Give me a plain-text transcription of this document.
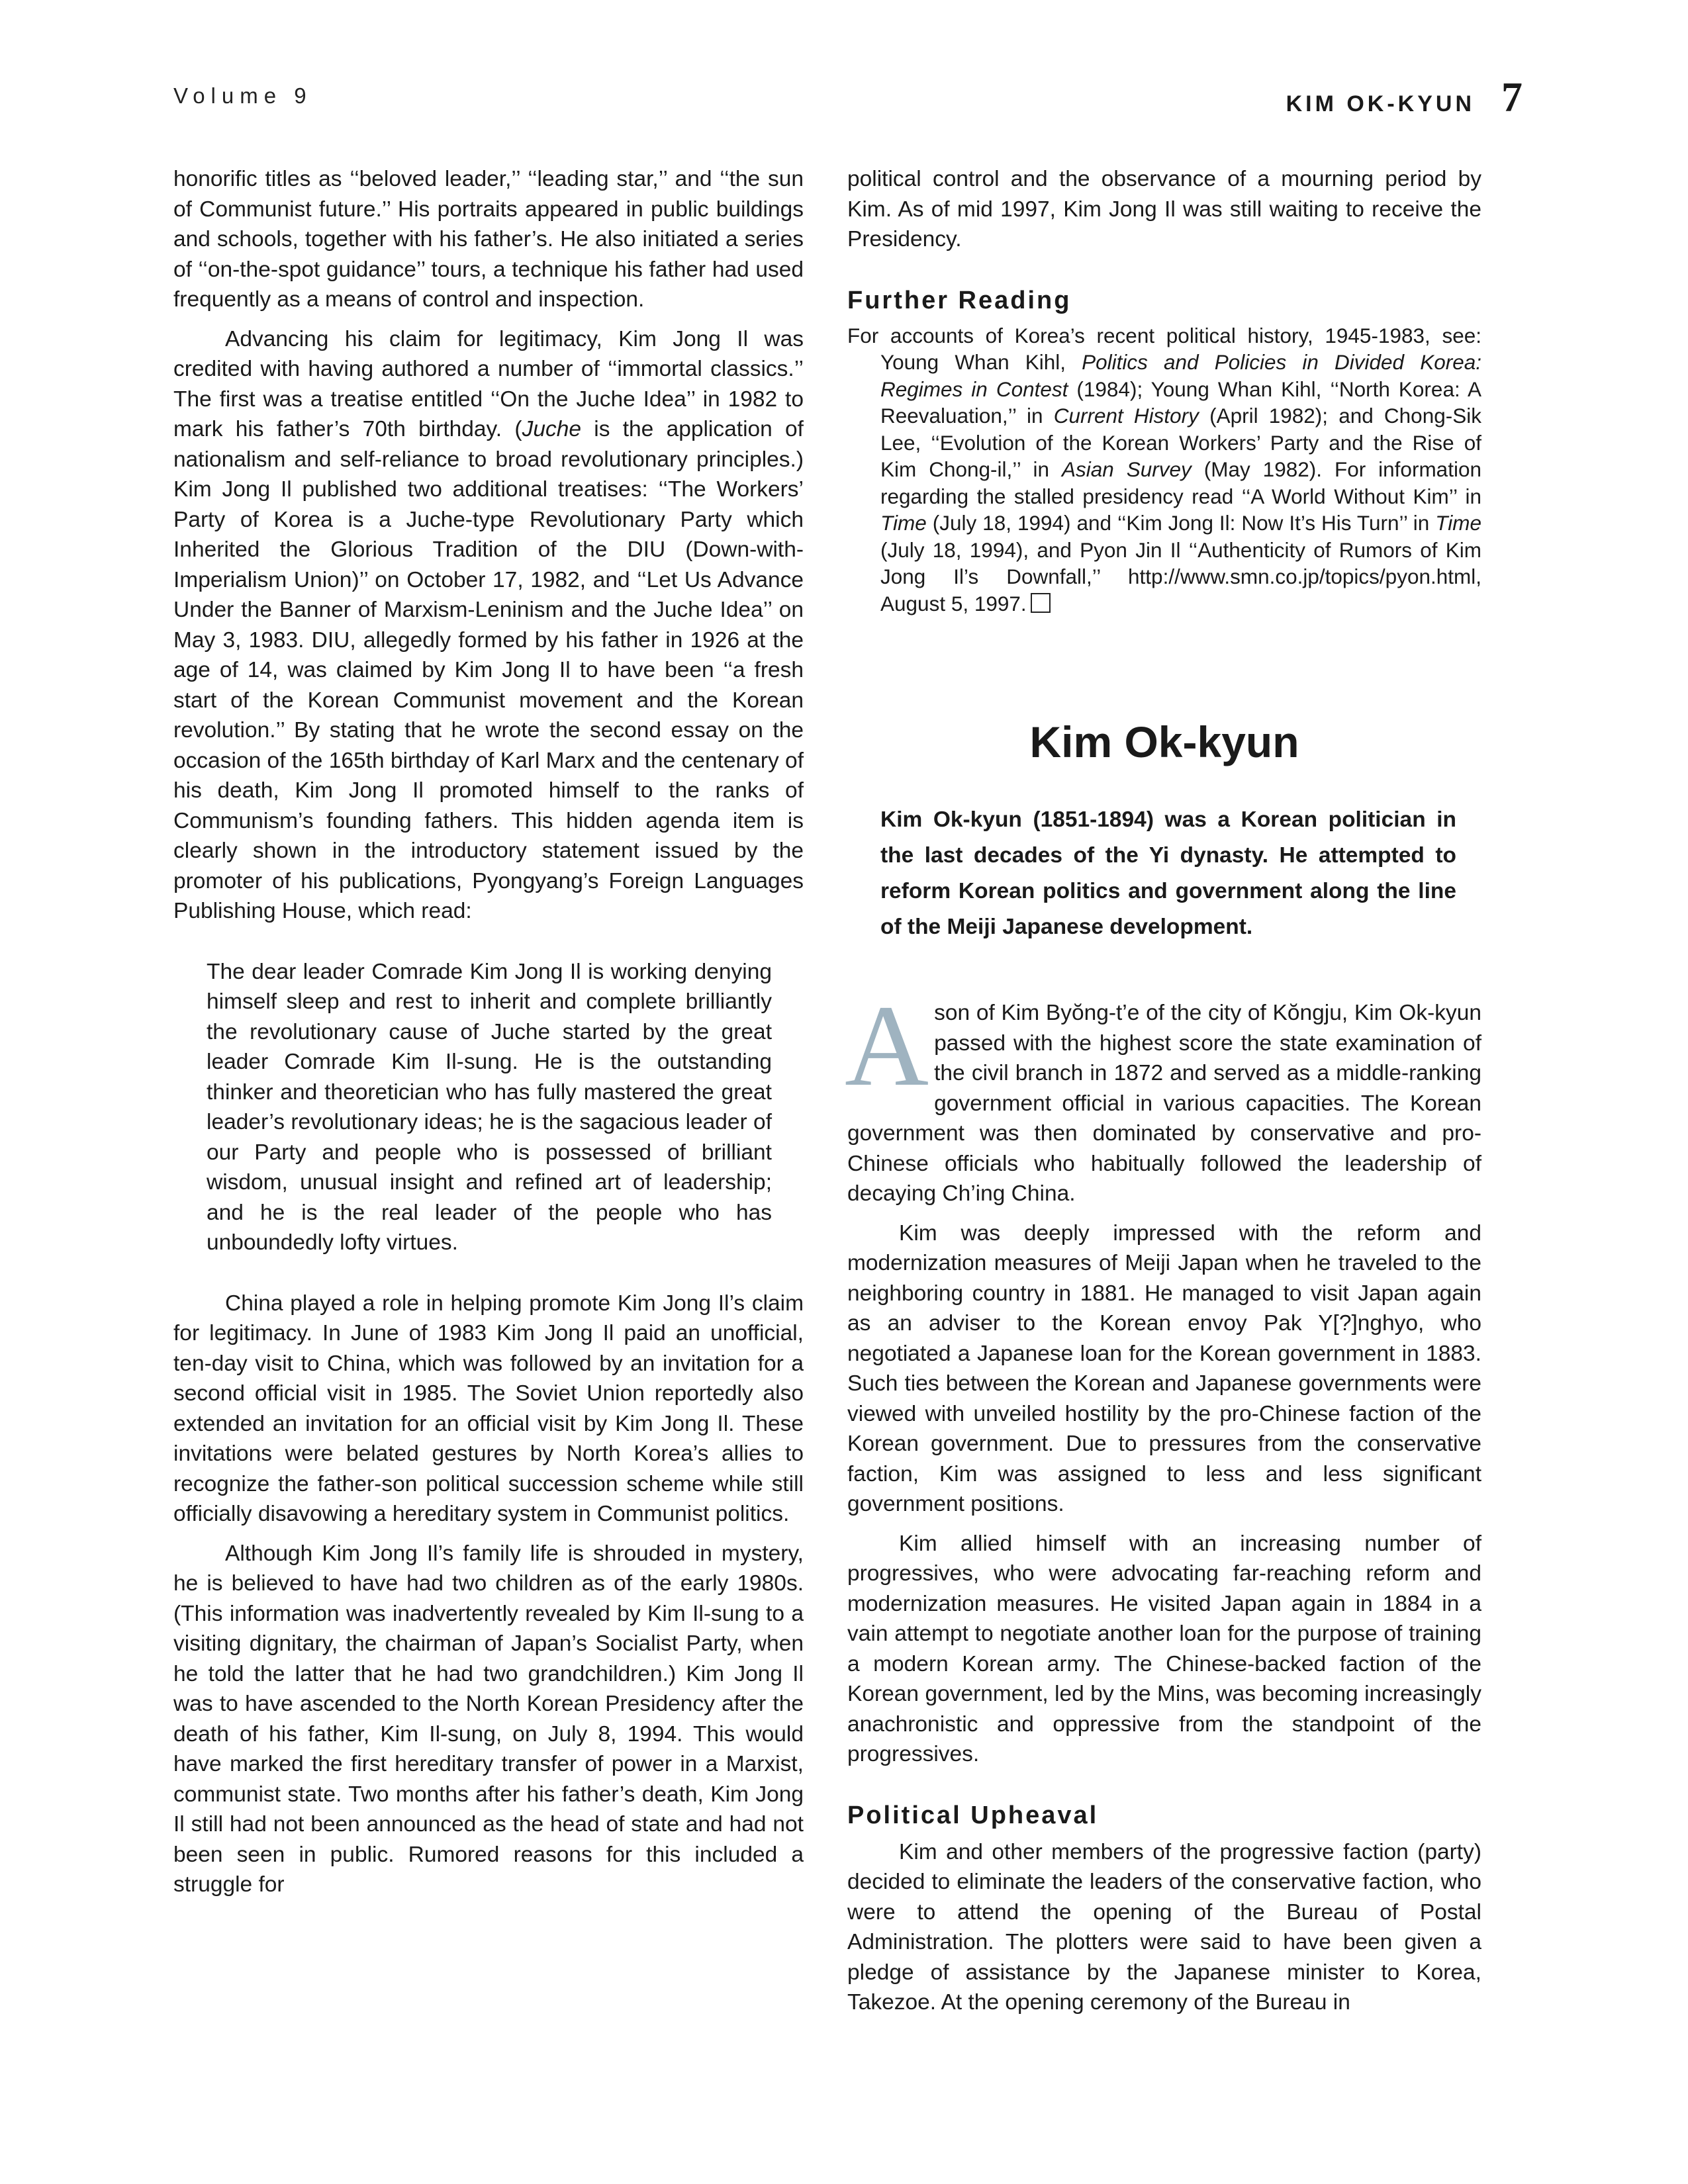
Volume 9	KIM OK-KYUN 7

honorific titles as ‘‘beloved leader,’’ ‘‘leading star,’’ and ‘‘the sun of Communist future.’’ His portraits appeared in public buildings and schools, together with his father’s. He also initiated a series of ‘‘on-the-spot guidance’’ tours, a technique his father had used frequently as a means of control and inspection.

Advancing his claim for legitimacy, Kim Jong Il was credited with having authored a number of ‘‘immortal classics.’’ The first was a treatise entitled ‘‘On the Juche Idea’’ in 1982 to mark his father’s 70th birthday. (Juche is the application of nationalism and self-reliance to broad revolutionary principles.) Kim Jong Il published two additional treatises: ‘‘The Workers’ Party of Korea is a Juche-type Revolutionary Party which Inherited the Glorious Tradition of the DIU (Down-with-Imperialism Union)’’ on October 17, 1982, and ‘‘Let Us Advance Under the Banner of Marxism-Leninism and the Juche Idea’’ on May 3, 1983. DIU, allegedly formed by his father in 1926 at the age of 14, was claimed by Kim Jong Il to have been ‘‘a fresh start of the Korean Communist movement and the Korean revolution.’’ By stating that he wrote the second essay on the occasion of the 165th birthday of Karl Marx and the centenary of his death, Kim Jong Il promoted himself to the ranks of Communism’s founding fathers. This hidden agenda item is clearly shown in the introductory statement issued by the promoter of his publications, Pyongyang’s Foreign Languages Publishing House, which read:

The dear leader Comrade Kim Jong Il is working denying himself sleep and rest to inherit and complete brilliantly the revolutionary cause of Juche started by the great leader Comrade Kim Il-sung. He is the outstanding thinker and theoretician who has fully mastered the great leader’s revolutionary ideas; he is the sagacious leader of our Party and people who is possessed of brilliant wisdom, unusual insight and refined art of leadership; and he is the real leader of the people who has unboundedly lofty virtues.

China played a role in helping promote Kim Jong Il’s claim for legitimacy. In June of 1983 Kim Jong Il paid an unofficial, ten-day visit to China, which was followed by an invitation for a second official visit in 1985. The Soviet Union reportedly also extended an invitation for an official visit by Kim Jong Il. These invitations were belated gestures by North Korea’s allies to recognize the father-son political succession scheme while still officially disavowing a hereditary system in Communist politics.

Although Kim Jong Il’s family life is shrouded in mystery, he is believed to have had two children as of the early 1980s. (This information was inadvertently revealed by Kim Il-sung to a visiting dignitary, the chairman of Japan’s Socialist Party, when he told the latter that he had two grandchildren.) Kim Jong Il was to have ascended to the North Korean Presidency after the death of his father, Kim Il-sung, on July 8, 1994. This would have marked the first hereditary transfer of power in a Marxist, communist state. Two months after his father’s death, Kim Jong Il still had not been announced as the head of state and had not been seen in public. Rumored reasons for this included a struggle for

political control and the observance of a mourning period by Kim. As of mid 1997, Kim Jong Il was still waiting to receive the Presidency.

Further Reading

For accounts of Korea’s recent political history, 1945-1983, see: Young Whan Kihl, Politics and Policies in Divided Korea: Regimes in Contest (1984); Young Whan Kihl, ‘‘North Korea: A Reevaluation,’’ in Current History (April 1982); and Chong-Sik Lee, ‘‘Evolution of the Korean Workers’ Party and the Rise of Kim Chong-il,’’ in Asian Survey (May 1982). For information regarding the stalled presidency read ‘‘A World Without Kim’’ in Time (July 18, 1994) and ‘‘Kim Jong Il: Now It’s His Turn’’ in Time (July 18, 1994), and Pyon Jin Il ‘‘Authenticity of Rumors of Kim Jong Il’s Downfall,’’ http://www.smn.co.jp/topics/pyon.html, August 5, 1997.

Kim Ok-kyun

Kim Ok-kyun (1851-1894) was a Korean politician in the last decades of the Yi dynasty. He attempted to reform Korean politics and government along the line of the Meiji Japanese development.

A son of Kim Byŏng-t’e of the city of Kŏngju, Kim Ok-kyun passed with the highest score the state examination of the civil branch in 1872 and served as a middle-ranking government official in various capacities. The Korean government was then dominated by conservative and pro-Chinese officials who habitually followed the leadership of decaying Ch’ing China.

Kim was deeply impressed with the reform and modernization measures of Meiji Japan when he traveled to the neighboring country in 1881. He managed to visit Japan again as an adviser to the Korean envoy Pak Y[?]nghyo, who negotiated a Japanese loan for the Korean government in 1883. Such ties between the Korean and Japanese governments were viewed with unveiled hostility by the pro-Chinese faction of the Korean government. Due to pressures from the conservative faction, Kim was assigned to less and less significant government positions.

Kim allied himself with an increasing number of progressives, who were advocating far-reaching reform and modernization measures. He visited Japan again in 1884 in a vain attempt to negotiate another loan for the purpose of training a modern Korean army. The Chinese-backed faction of the Korean government, led by the Mins, was becoming increasingly anachronistic and oppressive from the standpoint of the progressives.

Political Upheaval

Kim and other members of the progressive faction (party) decided to eliminate the leaders of the conservative faction, who were to attend the opening of the Bureau of Postal Administration. The plotters were said to have been given a pledge of assistance by the Japanese minister to Korea, Takezoe. At the opening ceremony of the Bureau in
